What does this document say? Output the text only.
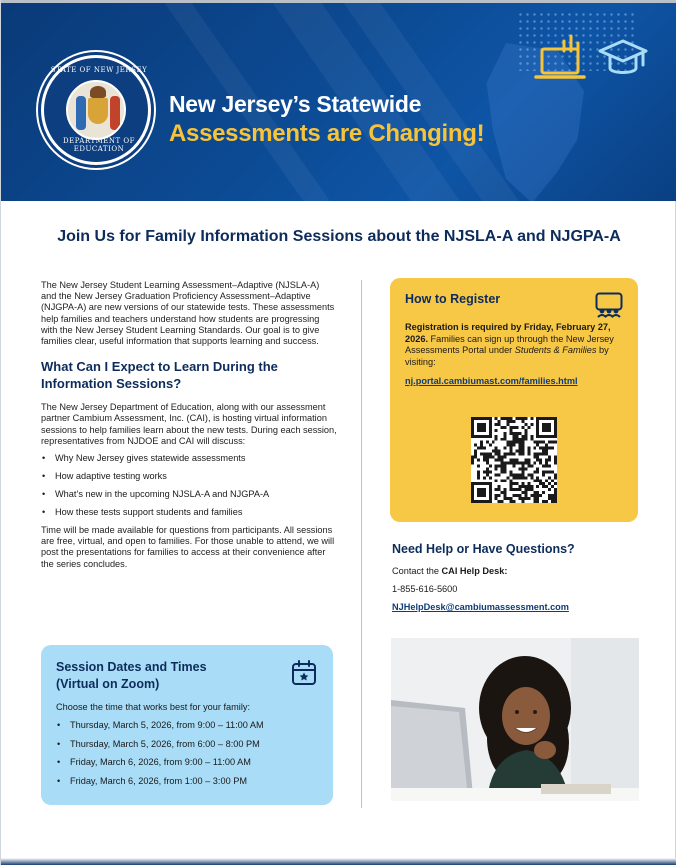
STATE OF NEW JERSEY
DEPARTMENT OF EDUCATION
New Jersey’s Statewide
Assessments are Changing!
Join Us for Family Information Sessions about the NJSLA-A and NJGPA-A

The New Jersey Student Learning Assessment–Adaptive (NJSLA-A) and the New Jersey Graduation Proficiency Assessment–Adaptive (NJGPA-A) are new versions of our statewide tests. These assessments help families and teachers understand how students are progressing with the New Jersey Student Learning Standards. Our goal is to give families clear, useful information that supports learning and success.

What Can I Expect to Learn During the Information Sessions?

The New Jersey Department of Education, along with our assessment partner Cambium Assessment, Inc. (CAI), is hosting virtual information sessions to help families learn about the new tests. During each session, representatives from NJDOE and CAI will discuss:

• Why New Jersey gives statewide assessments
• How adaptive testing works
• What’s new in the upcoming NJSLA-A and NJGPA-A
• How these tests support students and families

Time will be made available for questions from participants. All sessions are free, virtual, and open to families. For those unable to attend, we will post the presentations for families to access at their convenience after the series concludes.

Session Dates and Times
(Virtual on Zoom)
Choose the time that works best for your family:
• Thursday, March 5, 2026, from 9:00 – 11:00 AM
• Thursday, March 5, 2026, from 6:00 – 8:00 PM
• Friday, March 6, 2026, from 9:00 – 11:00 AM
• Friday, March 6, 2026, from 1:00 – 3:00 PM
How to Register

Registration is required by Friday, February 27, 2026. Families can sign up through the New Jersey Assessments Portal under Students & Families by visiting:

nj.portal.cambiumast.com/families.html
Need Help or Have Questions?
Contact the CAI Help Desk:
1-855-616-5600
NJHelpDesk@cambiumassessment.com
